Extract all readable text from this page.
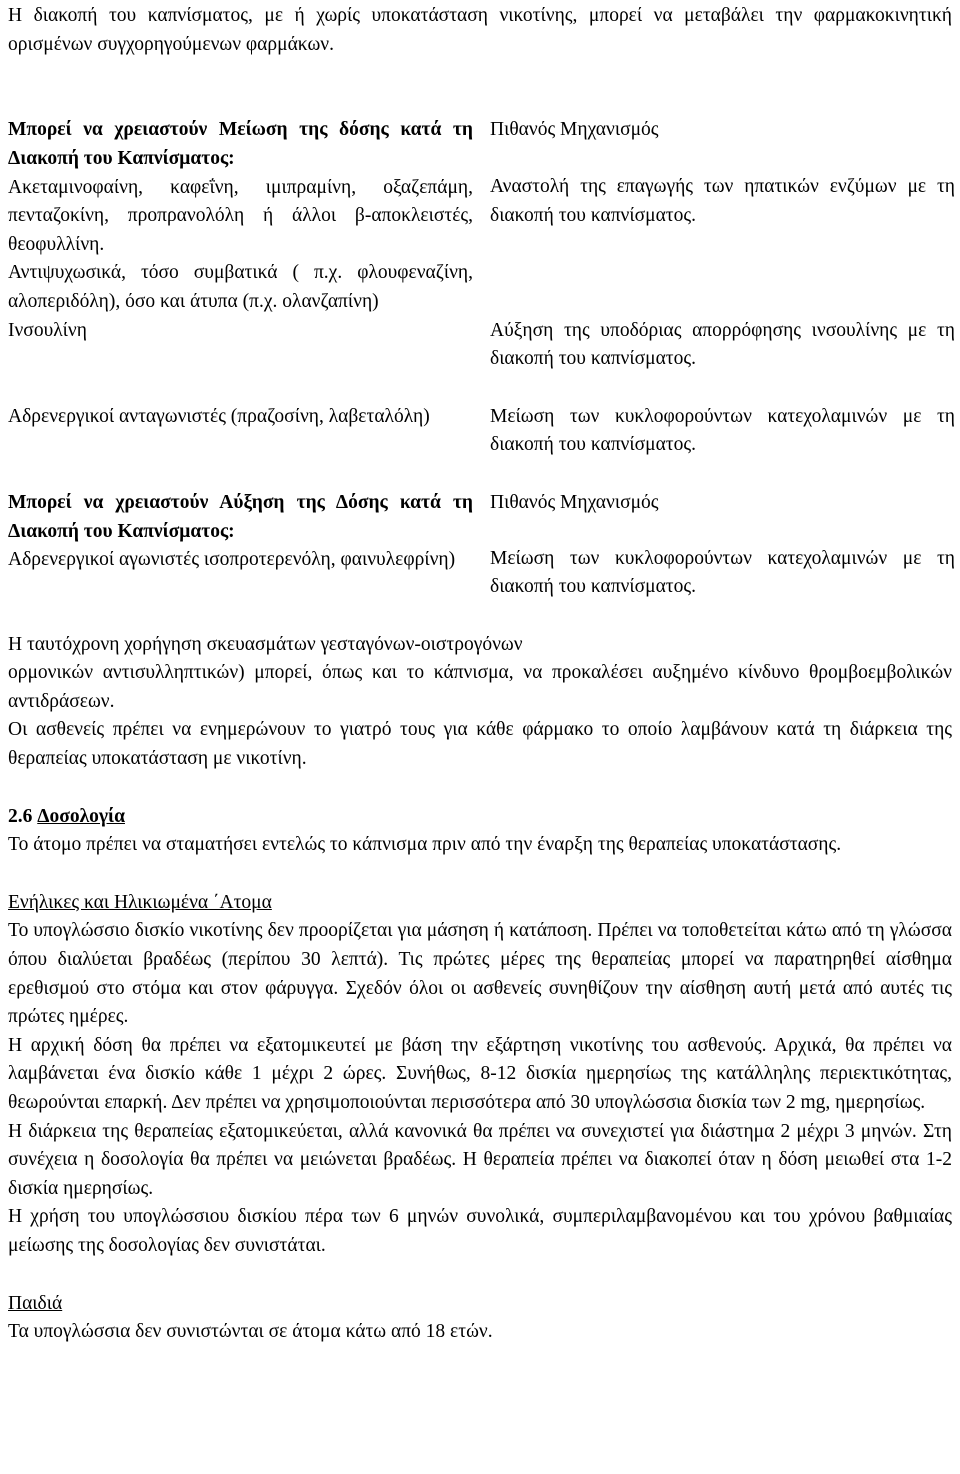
Η διακοπή του καπνίσματος, με ή χωρίς υποκατάσταση νικοτίνης, μπορεί να μεταβάλει την φαρμακοκινητική ορισμένων συγχορηγούμενων φαρμάκων.

Μπορεί να χρειαστούν Μείωση της δόσης κατά τη Διακοπή του Καπνίσματος:

Ακεταμινοφαίνη, καφεΐνη, ιμιπραμίνη, οξαζεπάμη, πενταζοκίνη, προπρανολόλη ή άλλοι β-αποκλειστές, θεοφυλλίνη.

Αντιψυχωσικά, τόσο συμβατικά ( π.χ. φλουφεναζίνη, αλοπεριδόλη), όσο και άτυπα (π.χ. ολανζαπίνη)

Πιθανός Μηχανισμός

Αναστολή της επαγωγής των ηπατικών ενζύμων με τη διακοπή του καπνίσματος.

Ινσουλίνη	Αύξηση της υποδόριας απορρόφησης ινσουλίνης με τη διακοπή του καπνίσματος.

Αδρενεργικοί ανταγωνιστές (πραζοσίνη, λαβεταλόλη)	Μείωση των κυκλοφορούντων κατεχολαμινών με τη διακοπή του καπνίσματος.

Μπορεί να χρειαστούν Αύξηση της Δόσης κατά τη Διακοπή του Καπνίσματος:

Αδρενεργικοί αγωνιστές ισοπροτερενόλη, φαινυλεφρίνη)

Πιθανός Μηχανισμός

Μείωση των κυκλοφορούντων κατεχολαμινών με τη διακοπή του καπνίσματος.

Η ταυτόχρονη χορήγηση σκευασμάτων γεσταγόνων-οιστρογόνων

ορμονικών αντισυλληπτικών) μπορεί, όπως και το κάπνισμα, να προκαλέσει αυξημένο κίνδυνο θρομβοεμβολικών αντιδράσεων.

Οι ασθενείς πρέπει να ενημερώνουν το γιατρό τους για κάθε φάρμακο το οποίο λαμβάνουν κατά τη διάρκεια της θεραπείας υποκατάσταση με νικοτίνη.

2.6 Δοσολογία

Το άτομο πρέπει να σταματήσει εντελώς το κάπνισμα πριν από την έναρξη της θεραπείας υποκατάστασης.

Ενήλικες και Ηλικιωμένα ΄Ατομα

Το υπογλώσσιο δισκίο νικοτίνης δεν προορίζεται για μάσηση ή κατάποση. Πρέπει να τοποθετείται κάτω από τη γλώσσα όπου διαλύεται βραδέως (περίπου 30 λεπτά). Τις πρώτες μέρες της θεραπείας μπορεί να παρατηρηθεί αίσθημα ερεθισμού στο στόμα και στον φάρυγγα. Σχεδόν όλοι οι ασθενείς συνηθίζουν την αίσθηση αυτή μετά από αυτές τις πρώτες ημέρες.

Η αρχική δόση θα πρέπει να εξατομικευτεί με βάση την εξάρτηση νικοτίνης του ασθενούς. Αρχικά, θα πρέπει να λαμβάνεται ένα δισκίο κάθε 1 μέχρι 2 ώρες. Συνήθως, 8-12 δισκία ημερησίως της κατάλληλης περιεκτικότητας, θεωρούνται επαρκή. Δεν πρέπει να χρησιμοποιούνται περισσότερα από 30 υπογλώσσια δισκία των 2 mg, ημερησίως.

Η διάρκεια της θεραπείας εξατομικεύεται, αλλά κανονικά θα πρέπει να συνεχιστεί για διάστημα 2 μέχρι 3 μηνών. Στη συνέχεια η δοσολογία θα πρέπει να μειώνεται βραδέως. Η θεραπεία πρέπει να διακοπεί όταν η δόση μειωθεί στα 1-2 δισκία ημερησίως.

Η χρήση του υπογλώσσιου δισκίου πέρα των 6 μηνών συνολικά, συμπεριλαμβανομένου και του χρόνου βαθμιαίας μείωσης της δοσολογίας δεν συνιστάται.

Παιδιά

Τα υπογλώσσια δεν συνιστώνται σε άτομα κάτω από 18 ετών.
